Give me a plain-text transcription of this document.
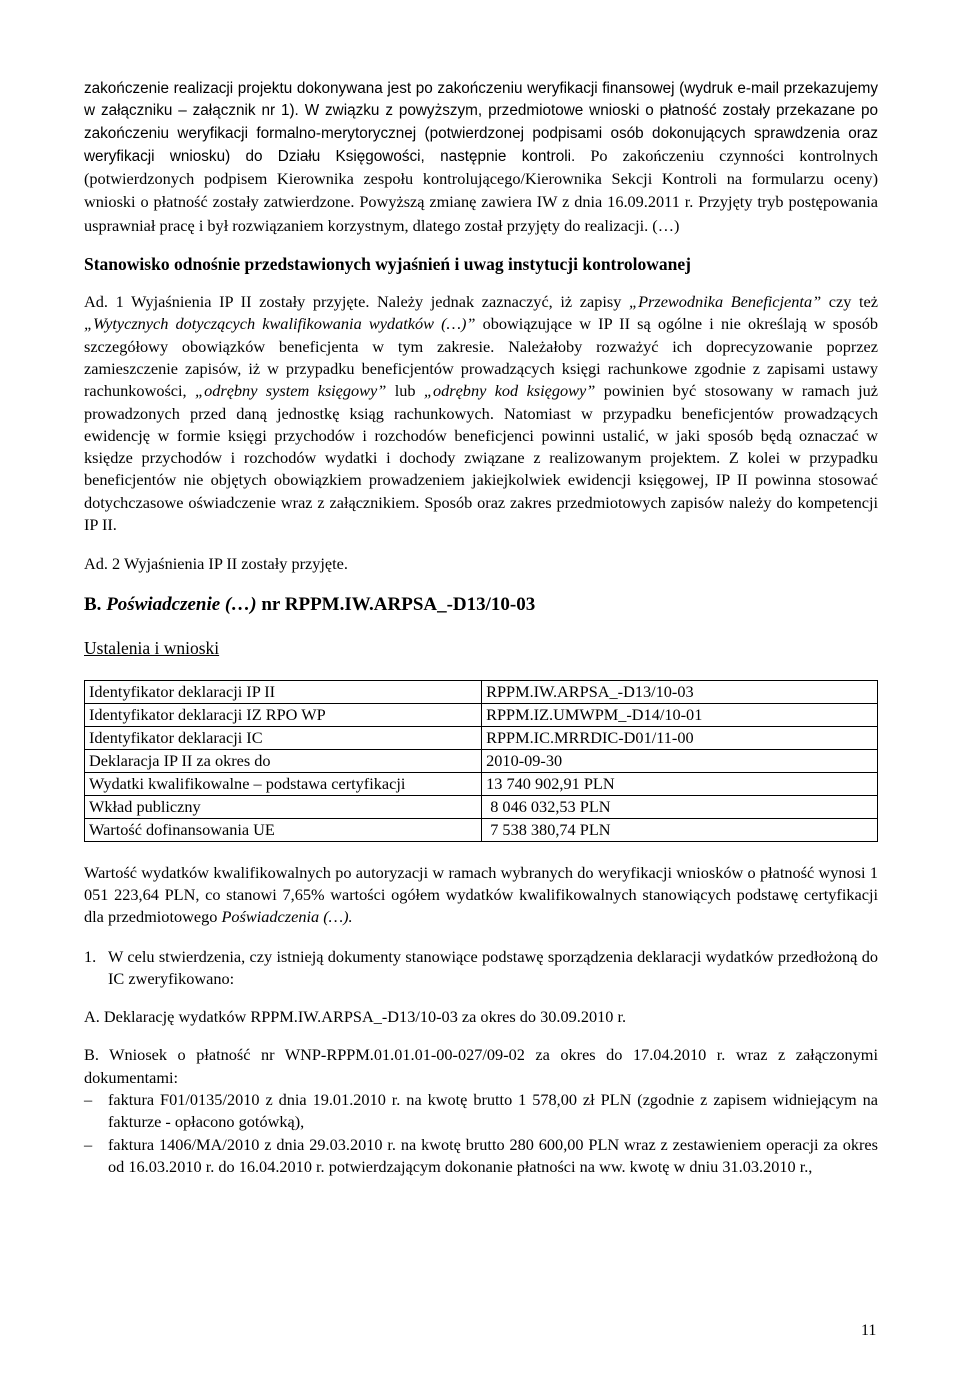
zakończenie realizacji projektu dokonywana jest po zakończeniu weryfikacji finansowej (wydruk e-mail przekazujemy w załączniku – załącznik nr 1). W związku z powyższym, przedmiotowe wnioski o płatność zostały przekazane po zakończeniu weryfikacji formalno-merytorycznej (potwierdzonej podpisami osób dokonujących sprawdzenia oraz weryfikacji wniosku) do Działu Księgowości, następnie kontroli. Po zakończeniu czynności kontrolnych (potwierdzonych podpisem Kierownika zespołu kontrolującego/Kierownika Sekcji Kontroli na formularzu oceny) wnioski o płatność zostały zatwierdzone. Powyższą zmianę zawiera IW z dnia 16.09.2011 r. Przyjęty tryb postępowania usprawniał pracę i był rozwiązaniem korzystnym, dlatego został przyjęty do realizacji. (…)

Stanowisko odnośnie przedstawionych wyjaśnień i uwag instytucji kontrolowanej

Ad. 1 Wyjaśnienia IP II zostały przyjęte. Należy jednak zaznaczyć, iż zapisy „Przewodnika Beneficjenta” czy też „Wytycznych dotyczących kwalifikowania wydatków (…)” obowiązujące w IP II są ogólne i nie określają w sposób szczegółowy obowiązków beneficjenta w tym zakresie. Należałoby rozważyć ich doprecyzowanie poprzez zamieszczenie zapisów, iż w przypadku beneficjentów prowadzących księgi rachunkowe zgodnie z zapisami ustawy rachunkowości, „odrębny system księgowy” lub „odrębny kod księgowy” powinien być stosowany w ramach już prowadzonych przed daną jednostkę ksiąg rachunkowych. Natomiast w przypadku beneficjentów prowadzących ewidencję w formie księgi przychodów i rozchodów beneficjenci powinni ustalić, w jaki sposób będą oznaczać w księdze przychodów i rozchodów wydatki i dochody związane z realizowanym projektem. Z kolei w przypadku beneficjentów nie objętych obowiązkiem prowadzeniem jakiejkolwiek ewidencji księgowej, IP II powinna stosować dotychczasowe oświadczenie wraz z załącznikiem. Sposób oraz zakres przedmiotowych zapisów należy do kompetencji IP II.

Ad. 2 Wyjaśnienia IP II zostały przyjęte.

B. Poświadczenie (…) nr RPPM.IW.ARPSA_-D13/10-03

Ustalenia i wnioski

Identyfikator deklaracji IP II	RPPM.IW.ARPSA_-D13/10-03
Identyfikator deklaracji IZ RPO WP	RPPM.IZ.UMWPM_-D14/10-01
Identyfikator deklaracji IC	RPPM.IC.MRRDIC-D01/11-00
Deklaracja IP II za okres do	2010-09-30
Wydatki kwalifikowalne – podstawa certyfikacji	13 740 902,91 PLN
Wkład publiczny	8 046 032,53 PLN
Wartość dofinansowania UE	7 538 380,74 PLN

Wartość wydatków kwalifikowalnych po autoryzacji w ramach wybranych do weryfikacji wniosków o płatność wynosi 1 051 223,64 PLN, co stanowi 7,65% wartości ogółem wydatków kwalifikowalnych stanowiących podstawę certyfikacji dla przedmiotowego Poświadczenia (…).

1. W celu stwierdzenia, czy istnieją dokumenty stanowiące podstawę sporządzenia deklaracji wydatków przedłożoną do IC zweryfikowano:

A. Deklarację wydatków RPPM.IW.ARPSA_-D13/10-03 za okres do 30.09.2010 r.

B. Wniosek o płatność nr WNP-RPPM.01.01.01-00-027/09-02 za okres do 17.04.2010 r. wraz z załączonymi dokumentami:

– faktura F01/0135/2010 z dnia 19.01.2010 r. na kwotę brutto 1 578,00 zł PLN (zgodnie z zapisem widniejącym na fakturze - opłacono gotówką),
– faktura 1406/MA/2010 z dnia 29.03.2010 r. na kwotę brutto 280 600,00 PLN wraz z zestawieniem operacji za okres od 16.03.2010 r. do 16.04.2010 r. potwierdzającym dokonanie płatności na ww. kwotę w dniu 31.03.2010 r.,
11
